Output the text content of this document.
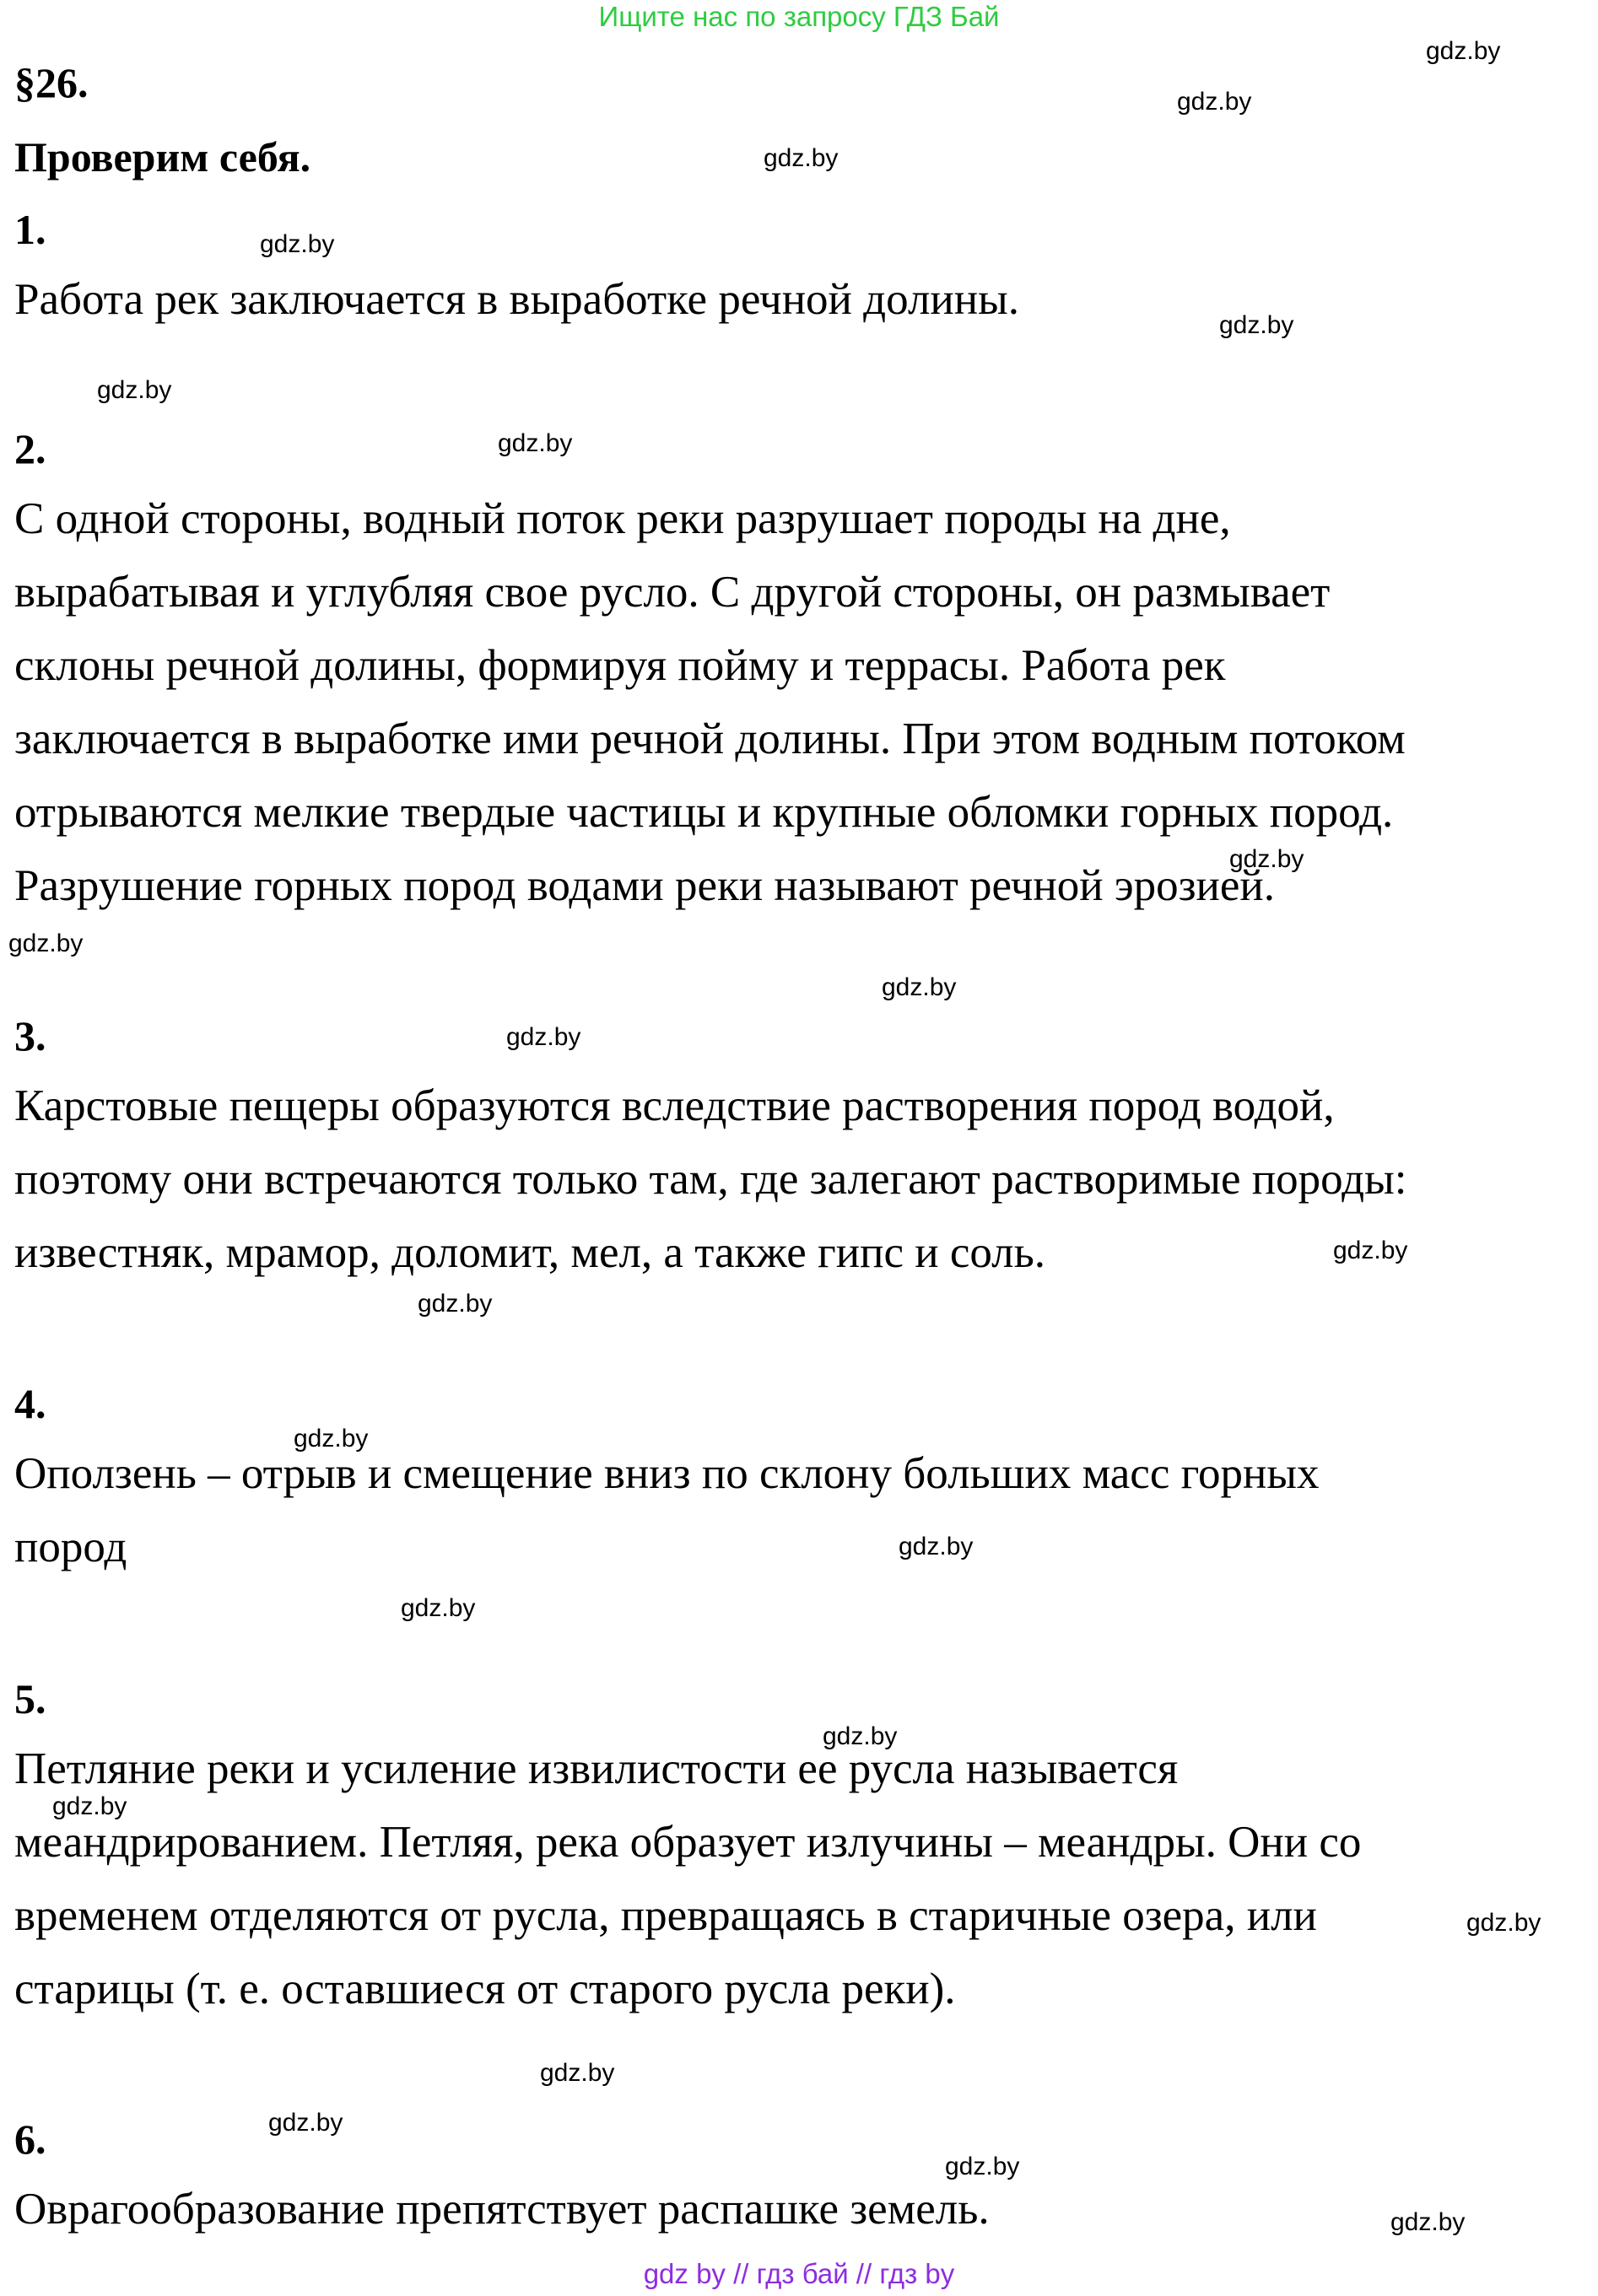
Ищите нас по запросу ГДЗ Бай
§26.
Проверим себя.
1.
Работа рек заключается в выработке речной долины.
2.
С одной стороны, водный поток реки разрушает породы на дне,
вырабатывая и углубляя свое русло. С другой стороны, он размывает
склоны речной долины, формируя пойму и террасы. Работа рек
заключается в выработке ими речной долины. При этом водным потоком
отрываются мелкие твердые частицы и крупные обломки горных пород.
Разрушение горных пород водами реки называют речной эрозией.
3.
Карстовые пещеры образуются вследствие растворения пород водой,
поэтому они встречаются только там, где залегают растворимые породы:
известняк, мрамор, доломит, мел, а также гипс и соль.
4.
Оползень – отрыв и смещение вниз по склону больших масс горных
пород
5.
Петляние реки и усиление извилистости ее русла называется
меандрированием. Петляя, река образует излучины – меандры. Они со
временем отделяются от русла, превращаясь в старичные озера, или
старицы (т. е. оставшиеся от старого русла реки).
6.
Оврагообразование препятствует распашке земель.
gdz.by
gdz.by
gdz.by
gdz.by
gdz.by
gdz.by
gdz.by
gdz.by
gdz.by
gdz.by
gdz.by
gdz.by
gdz.by
gdz.by
gdz.by
gdz.by
gdz.by
gdz.by
gdz.by
gdz.by
gdz.by
gdz.by
gdz.by
gdz by // гдз бай // гдз by
